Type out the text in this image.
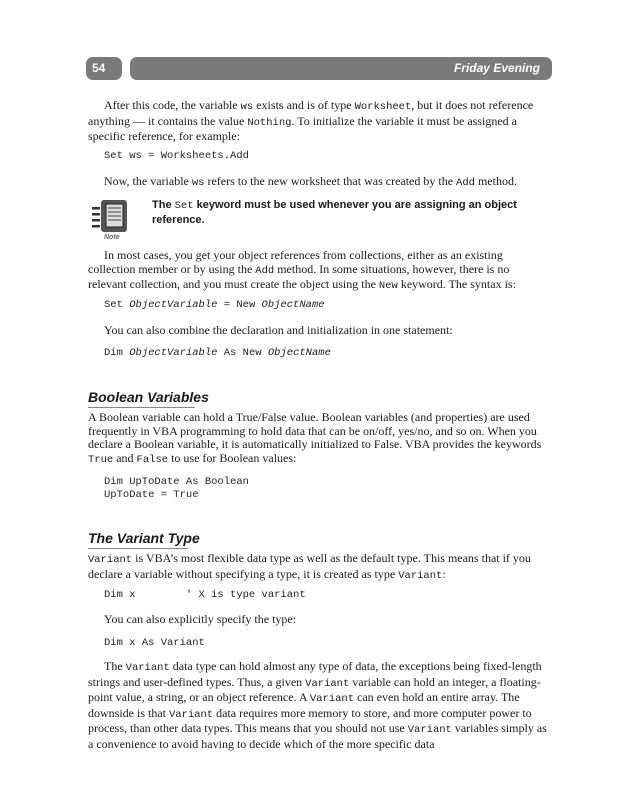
54	Friday Evening

After this code, the variable ws exists and is of type Worksheet, but it does not reference anything — it contains the value Nothing. To initialize the variable it must be assigned a specific reference, for example:

Set ws = Worksheets.Add

Now, the variable ws refers to the new worksheet that was created by the Add method.

Note

The Set keyword must be used whenever you are assigning an object reference.

In most cases, you get your object references from collections, either as an existing collection member or by using the Add method. In some situations, however, there is no relevant collection, and you must create the object using the New keyword. The syntax is:

Set ObjectVariable = New ObjectName

You can also combine the declaration and initialization in one statement:

Dim ObjectVariable As New ObjectName
Boolean Variables

A Boolean variable can hold a True/False value. Boolean variables (and properties) are used frequently in VBA programming to hold data that can be on/off, yes/no, and so on. When you declare a Boolean variable, it is automatically initialized to False. VBA provides the keywords True and False to use for Boolean values:

Dim UpToDate As Boolean
UpToDate = True
The Variant Type

Variant is VBA’s most flexible data type as well as the default type. This means that if you declare a variable without specifying a type, it is created as type Variant:

Dim x        ' X is type variant

You can also explicitly specify the type:

Dim x As Variant

The Variant data type can hold almost any type of data, the exceptions being fixed-length strings and user-defined types. Thus, a given Variant variable can hold an integer, a floating-point value, a string, or an object reference. A Variant can even hold an entire array. The downside is that Variant data requires more memory to store, and more computer power to process, than other data types. This means that you should not use Variant variables simply as a convenience to avoid having to decide which of the more specific data
